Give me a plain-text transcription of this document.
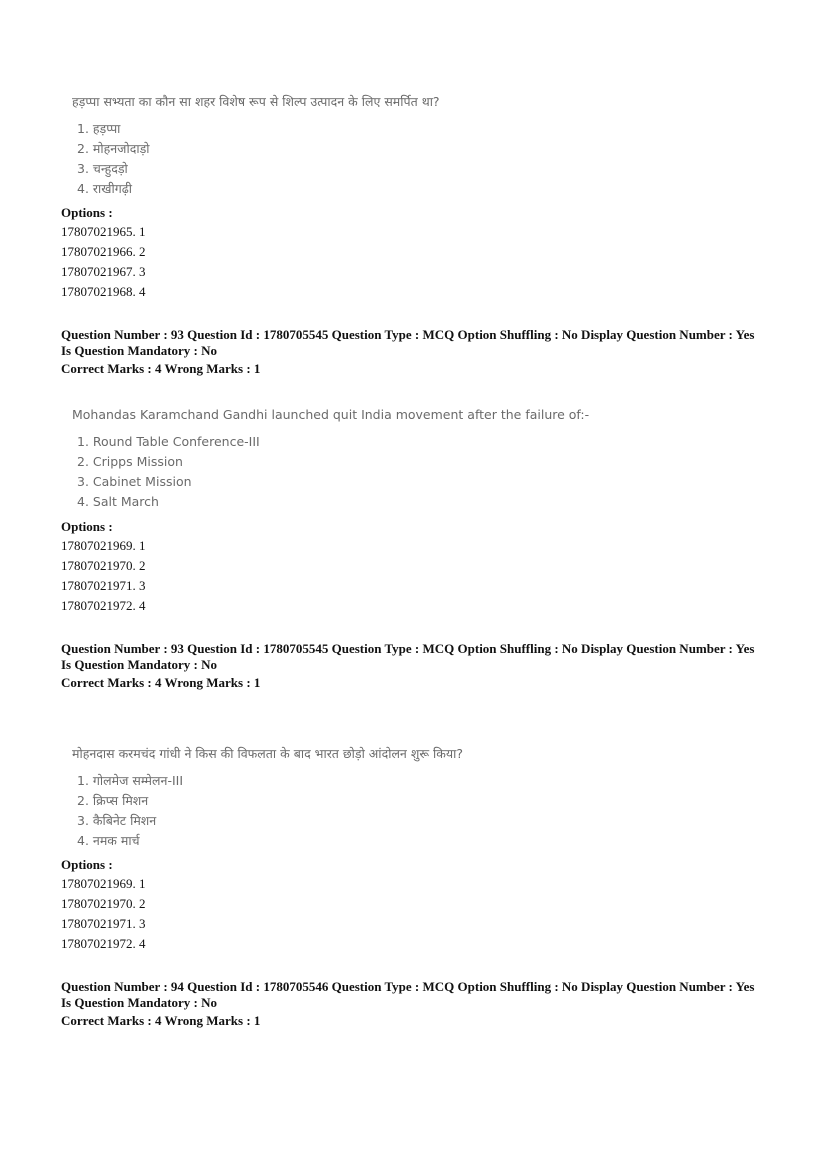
हड़प्पा सभ्यता का कौन सा शहर विशेष रूप से शिल्प उत्पादन के लिए समर्पित था?
1. हड़प्पा
2. मोहनजोदाड़ो
3. चन्हुदड़ो
4. राखीगढ़ी
Options :
17807021965. 1
17807021966. 2
17807021967. 3
17807021968. 4
Question Number : 93 Question Id : 1780705545 Question Type : MCQ Option Shuffling : No Display Question Number : Yes
Is Question Mandatory : No
Correct Marks : 4 Wrong Marks : 1
Mohandas Karamchand Gandhi launched quit India movement after the failure of:-
1. Round Table Conference-III
2. Cripps Mission
3. Cabinet Mission
4. Salt March
Options :
17807021969. 1
17807021970. 2
17807021971. 3
17807021972. 4
Question Number : 93 Question Id : 1780705545 Question Type : MCQ Option Shuffling : No Display Question Number : Yes
Is Question Mandatory : No
Correct Marks : 4 Wrong Marks : 1
मोहनदास करमचंद गांधी ने किस की विफलता के बाद भारत छोड़ो आंदोलन शुरू किया?
1. गोलमेज सम्मेलन-III
2. क्रिप्स मिशन
3. कैबिनेट मिशन
4. नमक मार्च
Options :
17807021969. 1
17807021970. 2
17807021971. 3
17807021972. 4
Question Number : 94 Question Id : 1780705546 Question Type : MCQ Option Shuffling : No Display Question Number : Yes
Is Question Mandatory : No
Correct Marks : 4 Wrong Marks : 1
